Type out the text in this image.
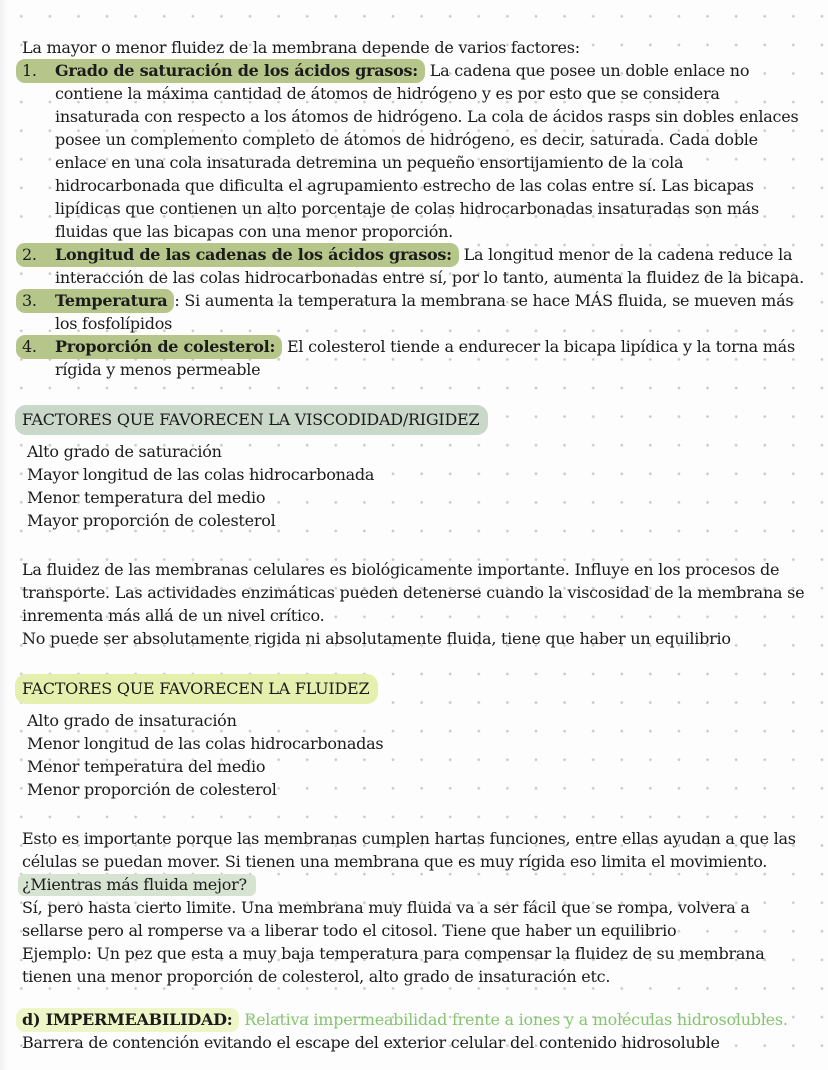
La mayor o menor fluidez de la membrana depende de varios factores:

1. Grado de saturación de los ácidos grasos: La cadena que posee un doble enlace no contiene la máxima cantidad de átomos de hidrógeno y es por esto que se considera insaturada con respecto a los átomos de hidrógeno. La cola de ácidos rasps sin dobles enlaces posee un complemento completo de átomos de hidrógeno, es decir, saturada. Cada doble enlace en una cola insaturada detremina un pequeño ensortijamiento de la cola hidrocarbonada que dificulta el agrupamiento estrecho de las colas entre sí. Las bicapas lipídicas que contienen un alto porcentaje de colas hidrocarbonadas insaturadas son más fluidas que las bicapas con una menor proporción.

2. Longitud de las cadenas de los ácidos grasos: La longitud menor de la cadena reduce la interacción de las colas hidrocarbonadas entre sí, por lo tanto, aumenta la fluidez de la bicapa.

3. Temperatura : Si aumenta la temperatura la membrana se hace MÁS fluida, se mueven más los fosfolípidos

4. Proporción de colesterol: El colesterol tiende a endurecer la bicapa lipídica y la torna más rígida y menos permeable

FACTORES QUE FAVORECEN LA VISCODIDAD/RIGIDEZ

Alto grado de saturación

Mayor longitud de las colas hidrocarbonada

Menor temperatura del medio

Mayor proporción de colesterol

La fluidez de las membranas celulares es biológicamente importante. Influye en los procesos de transporte. Las actividades enzimáticas pueden detenerse cuando la viscosidad de la membrana se inrementa más allá de un nivel crítico.

No puede ser absolutamente rigida ni absolutamente fluida, tiene que haber un equilibrio

FACTORES QUE FAVORECEN LA FLUIDEZ

Alto grado de insaturación

Menor longitud de las colas hidrocarbonadas

Menor temperatura del medio

Menor proporción de colesterol

Esto es importante porque las membranas cumplen hartas funciones, entre ellas ayudan a que las células se puedan mover. Si tienen una membrana que es muy rígida eso limita el movimiento.

¿Mientras más fluida mejor?

Sí, pero hasta cierto limite. Una membrana muy fluida va a ser fácil que se rompa, volvera a sellarse pero al romperse va a liberar todo el citosol. Tiene que haber un equilibrio

Ejemplo: Un pez que esta a muy baja temperatura para compensar la fluidez de su membrana tienen una menor proporción de colesterol, alto grado de insaturación etc.

d) IMPERMEABILIDAD: Relativa impermeabilidad frente a iones y a moléculas hidrosolubles.

Barrera de contención evitando el escape del exterior celular del contenido hidrosoluble
